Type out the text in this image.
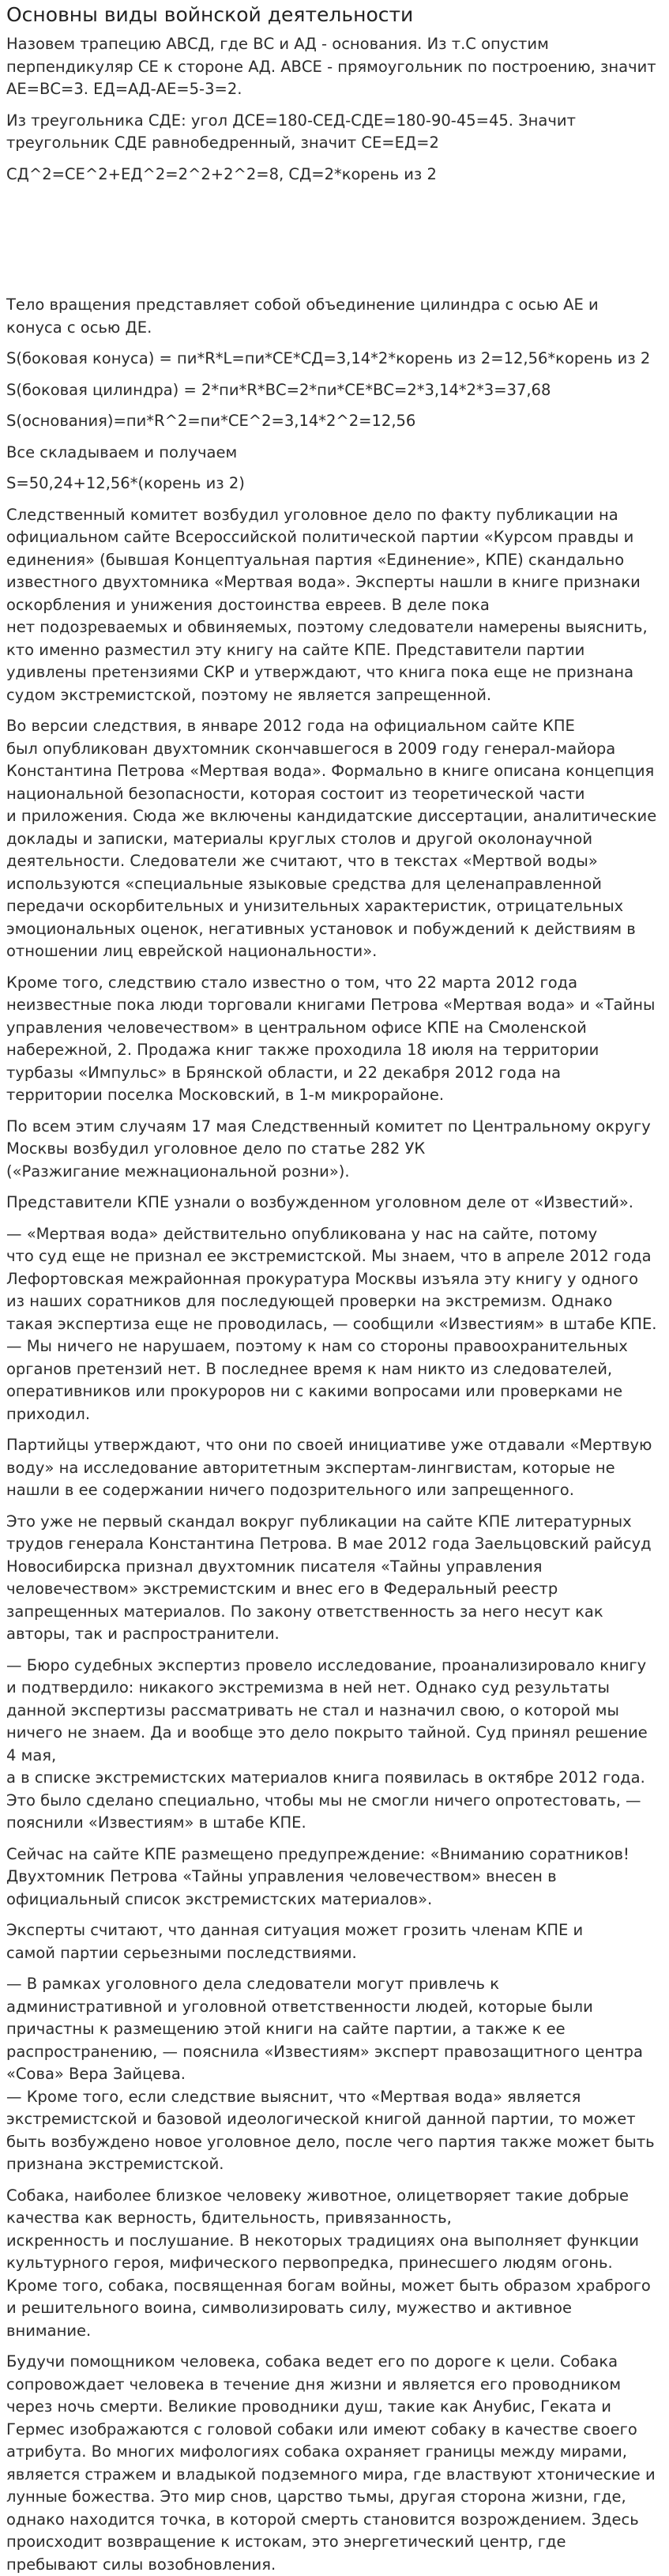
Основны виды войнской деятельности

Назовем трапецию АВСД, где ВС и АД - основания. Из т.С опустим перпендикуляр СЕ к стороне АД. АВСЕ - прямоугольник по построению, значит АЕ=ВС=3. ЕД=АД-АЕ=5-3=2.

Из треугольника СДЕ: угол ДСЕ=180-СЕД-СДЕ=180-90-45=45. Значит треугольник СДЕ равнобедренный, значит СЕ=ЕД=2

СД^2=СЕ^2+ЕД^2=2^2+2^2=8, СД=2*корень из 2

Тело вращения представляет собой объединение цилиндра с осью АЕ и конуса с осью ДЕ.

S(боковая конуса) = пи*R*L=пи*СЕ*СД=3,14*2*корень из 2=12,56*корень из 2

S(боковая цилиндра) = 2*пи*R*ВС=2*пи*СЕ*ВС=2*3,14*2*3=37,68

S(основания)=пи*R^2=пи*СЕ^2=3,14*2^2=12,56

Все складываем и получаем

S=50,24+12,56*(корень из 2)

Следственный комитет возбудил уголовное дело по факту публикации на официальном сайте Всероссийской политической партии «Курсом правды и единения» (бывшая Концептуальная партия «Единение», КПЕ) скандально известного двухтомника «Мертвая вода». Эксперты нашли в книге признаки оскорбления и унижения достоинства евреев. В деле пока
нет подозреваемых и обвиняемых, поэтому следователи намерены выяснить,
кто именно разместил эту книгу на сайте КПЕ. Представители партии удивлены претензиями СКР и утверждают, что книга пока еще не признана
судом экстремистской, поэтому не является запрещенной.

Во версии следствия, в январе 2012 года на официальном сайте КПЕ
был опубликован двухтомник скончавшегося в 2009 году генерал-майора Константина Петрова «Мертвая вода». Формально в книге описана концепция национальной безопасности, которая состоит из теоретической части
и приложения. Сюда же включены кандидатские диссертации, аналитические доклады и записки, материалы круглых столов и другой околонаучной деятельности. Следователи же считают, что в текстах «Мертвой воды» используются «специальные языковые средства для целенаправленной передачи оскорбительных и унизительных характеристик, отрицательных эмоциональных оценок, негативных установок и побуждений к действиям в отношении лиц еврейской национальности».

Кроме того, следствию стало известно о том, что 22 марта 2012 года неизвестные пока люди торговали книгами Петрова «Мертвая вода» и «Тайны управления человечеством» в центральном офисе КПЕ на Смоленской набережной, 2. Продажа книг также проходила 18 июля на территории турбазы «Импульс» в Брянской области, и 22 декабря 2012 года на территории поселка Московский, в 1-м микрорайоне.

По всем этим случаям 17 мая Следственный комитет по Центральному округу Москвы возбудил уголовное дело по статье 282 УК
(«Разжигание межнациональной розни»).

Представители КПЕ узнали о возбужденном уголовном деле от «Известий».

— «Мертвая вода» действительно опубликована у нас на сайте, потому
что суд еще не признал ее экстремистской. Мы знаем, что в апреле 2012 года Лефортовская межрайонная прокуратура Москвы изъяла эту книгу у одного из наших соратников для последующей проверки на экстремизм. Однако такая экспертиза еще не проводилась, — сообщили «Известиям» в штабе КПЕ. — Мы ничего не нарушаем, поэтому к нам со стороны правоохранительных органов претензий нет. В последнее время к нам никто из следователей, оперативников или прокуроров ни с какими вопросами или проверками не приходил.

Партийцы утверждают, что они по своей инициативе уже отдавали «Мертвую воду» на исследование авторитетным экспертам-лингвистам, которые не нашли в ее содержании ничего подозрительного или запрещенного.

Это уже не первый скандал вокруг публикации на сайте КПЕ литературных трудов генерала Константина Петрова. В мае 2012 года Заельцовский райсуд Новосибирска признал двухтомник писателя «Тайны управления человечеством» экстремистским и внес его в Федеральный реестр запрещенных материалов. По закону ответственность за него несут как авторы, так и распространители.

— Бюро судебных экспертиз провело исследование, проанализировало книгу
и подтвердило: никакого экстремизма в ней нет. Однако суд результаты данной экспертизы рассматривать не стал и назначил свою, о которой мы ничего не знаем. Да и вообще это дело покрыто тайной. Суд принял решение 4 мая,
а в списке экстремистских материалов книга появилась в октябре 2012 года. Это было сделано специально, чтобы мы не смогли ничего опротестовать, — пояснили «Известиям» в штабе КПЕ.

Сейчас на сайте КПЕ размещено предупреждение: «Вниманию соратников! Двухтомник Петрова «Тайны управления человечеством» внесен в официальный список экстремистских материалов».

Эксперты считают, что данная ситуация может грозить членам КПЕ и
самой партии серьезными последствиями.

— В рамках уголовного дела следователи могут привлечь к административной и уголовной ответственности людей, которые были причастны к размещению этой книги на сайте партии, а также к ее распространению, — пояснила «Известиям» эксперт правозащитного центра «Сова» Вера Зайцева.
— Кроме того, если следствие выяснит, что «Мертвая вода» является экстремистской и базовой идеологической книгой данной партии, то может быть возбуждено новое уголовное дело, после чего партия также может быть признана экстремистской.

Собака, наиболее близкое человеку животное, олицетворяет такие добрые качества как верность, бдительность, привязанность,
искренность и послушание. В некоторых традициях она выполняет функции культурного героя, мифического первопредка, принесшего людям огонь. Кроме того, собака, посвященная богам войны, может быть образом храброго
и решительного воина, символизировать силу, мужество и активное внимание.

Будучи помощником человека, собака ведет его по дороге к цели. Собака сопровождает человека в течение дня жизни и является его проводником через ночь смерти. Великие проводники душ, такие как Анубис, Геката и Гермес изображаются с головой собаки или имеют собаку в качестве своего атрибута. Во многих мифологиях собака охраняет границы между мирами, является стражем и владыкой подземного мира, где властвуют хтонические и лунные божества. Это мир снов, царство тьмы, другая сторона жизни, где, однако находится точка, в которой смерть становится возрождением. Здесь происходит возвращение к истокам, это энергетический центр, где пребывают силы возобновления.
